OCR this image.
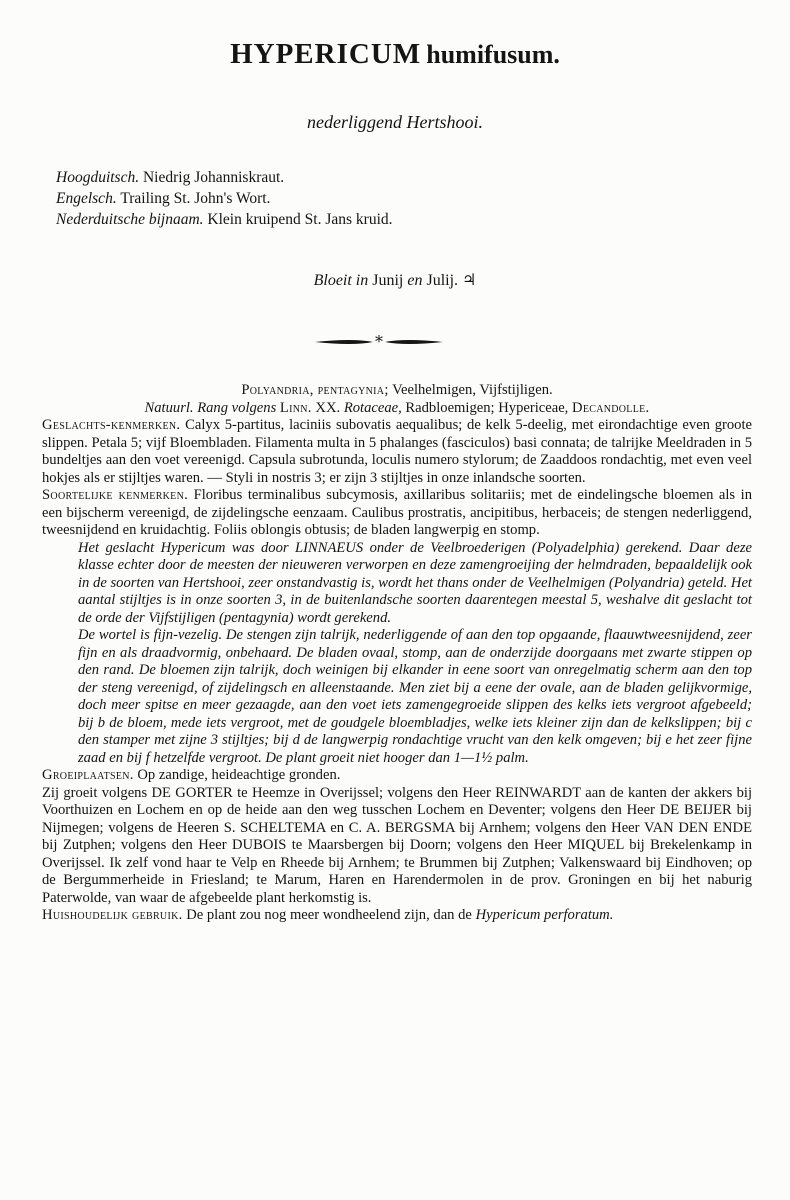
HYPERICUM humifusum.
nederliggend Hertshooi.
Hoogduitsch. Niedrig Johanniskraut.
Engelsch. Trailing St. John's Wort.
Nederduitsche bijnaam. Klein kruipend St. Jans kruid.
Bloeit in Junij en Julij. ♃
*

Polyandria, pentagynia; Veelhelmigen, Vijfstijligen.

Natuurl. Rang volgens Linn. XX. Rotaceae, Radbloemigen; Hypericeae, Decandolle.

Geslachts-kenmerken. Calyx 5-partitus, laciniis subovatis aequalibus; de kelk 5-deelig, met eirondachtige even groote slippen. Petala 5; vijf Bloembladen. Filamenta multa in 5 phalanges (fasciculos) basi connata; de talrijke Meeldraden in 5 bundeltjes aan den voet vereenigd. Capsula subrotunda, loculis numero stylorum; de Zaaddoos rondachtig, met even veel hokjes als er stijltjes waren. — Styli in nostris 3; er zijn 3 stijltjes in onze inlandsche soorten.

Soortelijke kenmerken. Floribus terminalibus subcymosis, axillaribus solitariis; met de eindelingsche bloemen als in een bijscherm vereenigd, de zijdelingsche eenzaam. Caulibus prostratis, ancipitibus, herbaceis; de stengen nederliggend, tweesnijdend en kruidachtig. Foliis oblongis obtusis; de bladen langwerpig en stomp.

Het geslacht Hypericum was door LINNAEUS onder de Veelbroederigen (Polyadelphia) gerekend. Daar deze klasse echter door de meesten der nieuweren verworpen en deze zamengroeijing der helmdraden, bepaaldelijk ook in de soorten van Hertshooi, zeer onstandvastig is, wordt het thans onder de Veelhelmigen (Polyandria) geteld. Het aantal stijltjes is in onze soorten 3, in de buitenlandsche soorten daarentegen meestal 5, weshalve dit geslacht tot de orde der Vijfstijligen (pentagynia) wordt gerekend.

De wortel is fijn-vezelig. De stengen zijn talrijk, nederliggende of aan den top opgaande, flaauwtweesnijdend, zeer fijn en als draadvormig, onbehaard. De bladen ovaal, stomp, aan de onderzijde doorgaans met zwarte stippen op den rand. De bloemen zijn talrijk, doch weinigen bij elkander in eene soort van onregelmatig scherm aan den top der steng vereenigd, of zijdelingsch en alleenstaande. Men ziet bij a eene der ovale, aan de bladen gelijkvormige, doch meer spitse en meer gezaagde, aan den voet iets zamengegroeide slippen des kelks iets vergroot afgebeeld; bij b de bloem, mede iets vergroot, met de goudgele bloembladjes, welke iets kleiner zijn dan de kelkslippen; bij c den stamper met zijne 3 stijltjes; bij d de langwerpig rondachtige vrucht van den kelk omgeven; bij e het zeer fijne zaad en bij f hetzelfde vergroot. De plant groeit niet hooger dan 1—1½ palm.

Groeiplaatsen. Op zandige, heideachtige gronden.

Zij groeit volgens DE GORTER te Heemze in Overijssel; volgens den Heer REINWARDT aan de kanten der akkers bij Voorthuizen en Lochem en op de heide aan den weg tusschen Lochem en Deventer; volgens den Heer DE BEIJER bij Nijmegen; volgens de Heeren S. SCHELTEMA en C. A. BERGSMA bij Arnhem; volgens den Heer VAN DEN ENDE bij Zutphen; volgens den Heer DUBOIS te Maarsbergen bij Doorn; volgens den Heer MIQUEL bij Brekelenkamp in Overijssel. Ik zelf vond haar te Velp en Rheede bij Arnhem; te Brummen bij Zutphen; Valkenswaard bij Eindhoven; op de Bergummerheide in Friesland; te Marum, Haren en Harendermolen in de prov. Groningen en bij het naburig Paterwolde, van waar de afgebeelde plant herkomstig is.

Huishoudelijk gebruik. De plant zou nog meer wondheelend zijn, dan de Hypericum perforatum.
